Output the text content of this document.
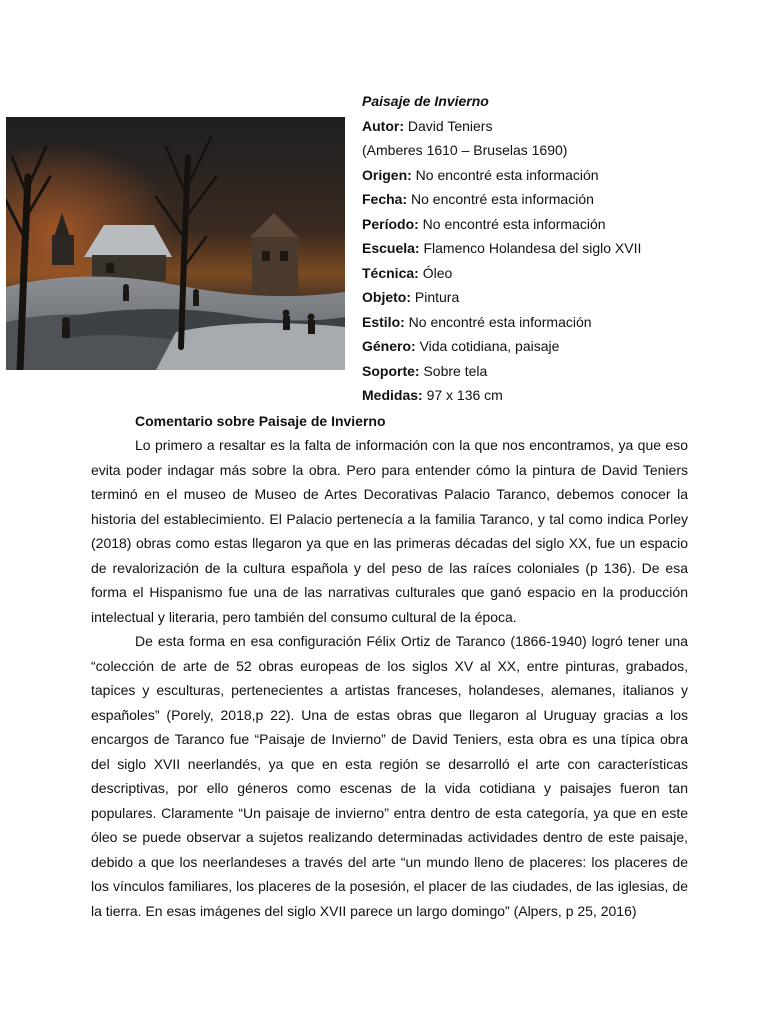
Paisaje de Invierno
Autor: David Teniers
(Amberes 1610 – Bruselas 1690)
Origen: No encontré esta información
Fecha: No encontré esta información
Período: No encontré esta información
Escuela: Flamenco Holandesa del siglo XVII
Técnica: Óleo
Objeto: Pintura
Estilo: No encontré esta información
Género: Vida cotidiana, paisaje
Soporte: Sobre tela
Medidas: 97 x 136 cm
Comentario sobre Paisaje de Invierno

Lo primero a resaltar es la falta de información con la que nos encontramos, ya que eso evita poder indagar más sobre la obra. Pero para entender cómo la pintura de David Teniers terminó en el museo de Museo de Artes Decorativas Palacio Taranco, debemos conocer la historia del establecimiento. El Palacio pertenecía a la familia Taranco, y tal como indica Porley (2018) obras como estas llegaron ya que en las primeras décadas del siglo XX, fue un espacio de revalorización de la cultura española y del peso de las raíces coloniales (p 136). De esa forma el Hispanismo fue una de las narrativas culturales que ganó espacio en la producción intelectual y literaria, pero también del consumo cultural de la época.

De esta forma en esa configuración Félix Ortiz de Taranco (1866-1940) logró tener una “colección de arte de 52 obras europeas de los siglos XV al XX, entre pinturas, grabados, tapices y esculturas, pertenecientes a artistas franceses, holandeses, alemanes, italianos y españoles” (Porely, 2018,p 22). Una de estas obras que llegaron al Uruguay gracias a los encargos de Taranco fue “Paisaje de Invierno” de David Teniers, esta obra es una típica obra del siglo XVII neerlandés, ya que en esta región se desarrolló el arte con características descriptivas, por ello géneros como escenas de la vida cotidiana y paisajes fueron tan populares. Claramente “Un paisaje de invierno” entra dentro de esta categoría, ya que en este óleo se puede observar a sujetos realizando determinadas actividades dentro de este paisaje, debido a que los neerlandeses a través del arte “un mundo lleno de placeres: los placeres de los vínculos familiares, los placeres de la posesión, el placer de las ciudades, de las iglesias, de la tierra. En esas imágenes del siglo XVII parece un largo domingo” (Alpers, p 25, 2016)
